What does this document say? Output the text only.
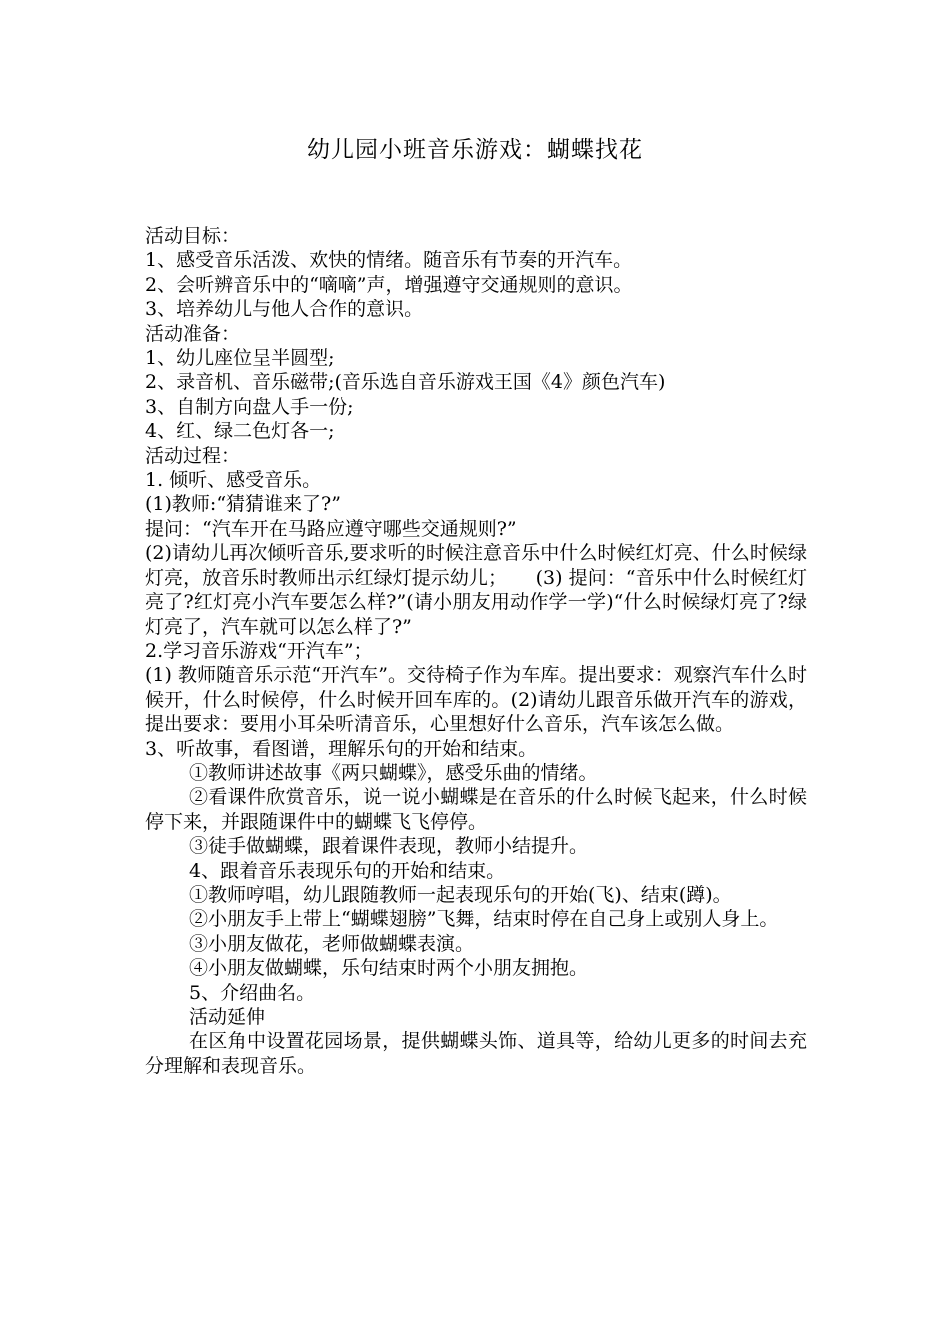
幼儿园小班音乐游戏：蝴蝶找花

活动目标：

1、感受音乐活泼、欢快的情绪。随音乐有节奏的开汽车。

2、会听辨音乐中的“嘀嘀”声，增强遵守交通规则的意识。

3、培养幼儿与他人合作的意识。

活动准备：

1、幼儿座位呈半圆型;

2、录音机、音乐磁带;(音乐选自音乐游戏王国《4》颜色汽车)

3、自制方向盘人手一份;

4、红、绿二色灯各一;

活动过程：

1. 倾听、感受音乐。

(1)教师:“猜猜谁来了?”

提问：“汽车开在马路应遵守哪些交通规则?”

(2)请幼儿再次倾听音乐,要求听的时候注意音乐中什么时候红灯亮、什么时候绿灯亮，放音乐时教师出示红绿灯提示幼儿；　　(3) 提问：“音乐中什么时候红灯亮了?红灯亮小汽车要怎么样?”(请小朋友用动作学一学)“什么时候绿灯亮了?绿灯亮了，汽车就可以怎么样了?”

2.学习音乐游戏“开汽车”；

(1) 教师随音乐示范“开汽车”。交待椅子作为车库。提出要求：观察汽车什么时候开，什么时候停，什么时候开回车库的。(2)请幼儿跟音乐做开汽车的游戏，提出要求：要用小耳朵听清音乐，心里想好什么音乐，汽车该怎么做。

3、听故事，看图谱，理解乐句的开始和结束。

①教师讲述故事《两只蝴蝶》，感受乐曲的情绪。

②看课件欣赏音乐，说一说小蝴蝶是在音乐的什么时候飞起来，什么时候停下来，并跟随课件中的蝴蝶飞飞停停。

③徒手做蝴蝶，跟着课件表现，教师小结提升。

4、跟着音乐表现乐句的开始和结束。

①教师哼唱，幼儿跟随教师一起表现乐句的开始(飞)、结束(蹲)。

②小朋友手上带上“蝴蝶翅膀”飞舞，结束时停在自己身上或别人身上。

③小朋友做花，老师做蝴蝶表演。

④小朋友做蝴蝶，乐句结束时两个小朋友拥抱。

5、介绍曲名。

活动延伸

在区角中设置花园场景，提供蝴蝶头饰、道具等，给幼儿更多的时间去充分理解和表现音乐。
